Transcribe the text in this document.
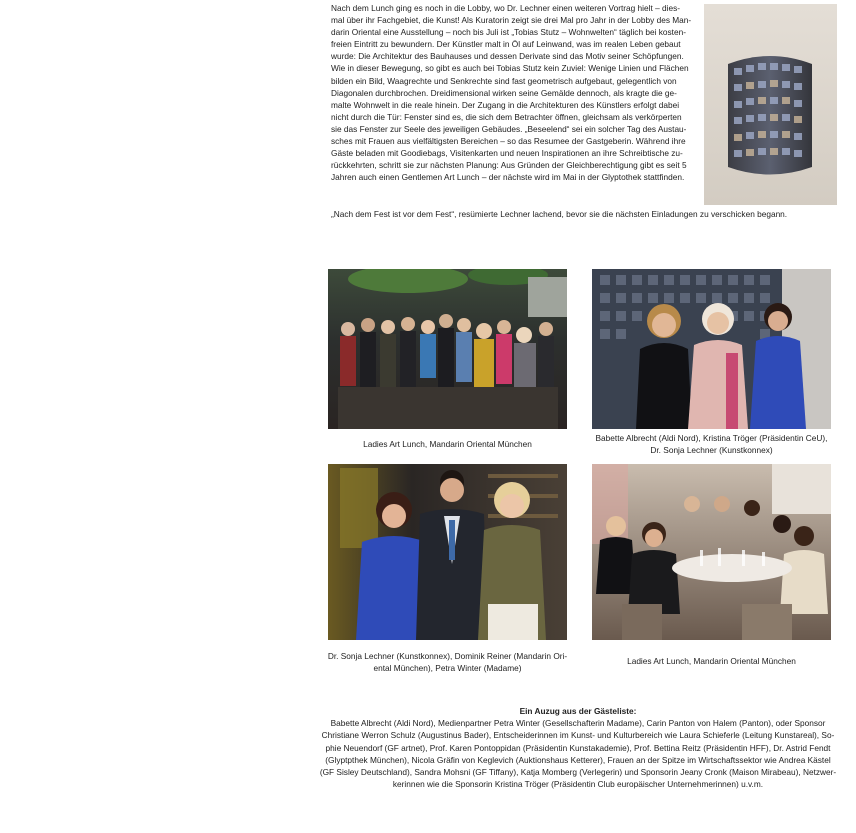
Nach dem Lunch ging es noch in die Lobby, wo Dr. Lechner einen weiteren Vortrag hielt – dies-
mal über ihr Fachgebiet, die Kunst! Als Kuratorin zeigt sie drei Mal pro Jahr in der Lobby des Man-
darin Oriental eine Ausstellung – noch bis Juli ist „Tobias Stutz – Wohnwelten“ täglich bei kosten-
freien Eintritt zu bewundern. Der Künstler malt in Öl auf Leinwand, was im realen Leben gebaut
wurde: Die Architektur des Bauhauses und dessen Derivate sind das Motiv seiner Schöpfungen.
Wie in dieser Bewegung, so gibt es auch bei Tobias Stutz kein Zuviel: Wenige Linien und Flächen
bilden ein Bild, Waagrechte und Senkrechte sind fast geometrisch aufgebaut, gelegentlich von
Diagonalen durchbrochen. Dreidimensional wirken seine Gemälde dennoch, als kragte die ge-
malte Wohnwelt in die reale hinein. Der Zugang in die Architekturen des Künstlers erfolgt dabei
nicht durch die Tür: Fenster sind es, die sich dem Betrachter öffnen, gleichsam als verkörperten
sie das Fenster zur Seele des jeweiligen Gebäudes. „Beseelend“ sei ein solcher Tag des Austau-
sches mit Frauen aus vielfältigsten Bereichen – so das Resumee der Gastgeberin. Während ihre
Gäste beladen mit Goodiebags, Visitenkarten und neuen Inspirationen an ihre Schreibtische zu-
rückkehrten, schritt sie zur nächsten Planung: Aus Gründen der Gleichberechtigung gibt es seit 5
Jahren auch einen Gentlemen Art Lunch – der nächste wird im Mai in der Glyptothek stattfinden.
„Nach dem Fest ist vor dem Fest“, resümierte Lechner lachend, bevor sie die nächsten Einladungen zu verschicken begann.
Ladies Art Lunch, Mandarin Oriental München
Babette Albrecht (Aldi Nord), Kristina Tröger (Präsidentin CeU),
Dr. Sonja Lechner (Kunstkonnex)
Dr. Sonja Lechner (Kunstkonnex), Dominik Reiner (Mandarin Ori-
ental München), Petra Winter (Madame)
Ladies Art Lunch, Mandarin Oriental München
Ein Auzug aus der Gästeliste:
Babette Albrecht (Aldi Nord), Medienpartner Petra Winter (Gesellschafterin Madame), Carin Panton von Halem (Panton), oder Sponsor
Christiane Werron Schulz (Augustinus Bader), Entscheiderinnen im Kunst- und Kulturbereich wie Laura Schieferle (Leitung Kunstareal), So-
phie Neuendorf (GF artnet), Prof. Karen Pontoppidan (Präsidentin Kunstakademie), Prof. Bettina Reitz (Präsidentin HFF), Dr. Astrid Fendt
(Glyptpthek München), Nicola Gräfin von Keglevich (Auktionshaus Ketterer), Frauen an der Spitze im Wirtschaftssektor wie Andrea Kästel
(GF Sisley Deutschland), Sandra Mohsni (GF Tiffany), Katja Momberg (Verlegerin) und Sponsorin Jeany Cronk (Maison Mirabeau), Netzwer-
kerinnen wie die Sponsorin Kristina Tröger (Präsidentin Club europäischer Unternehmerinnen) u.v.m.
